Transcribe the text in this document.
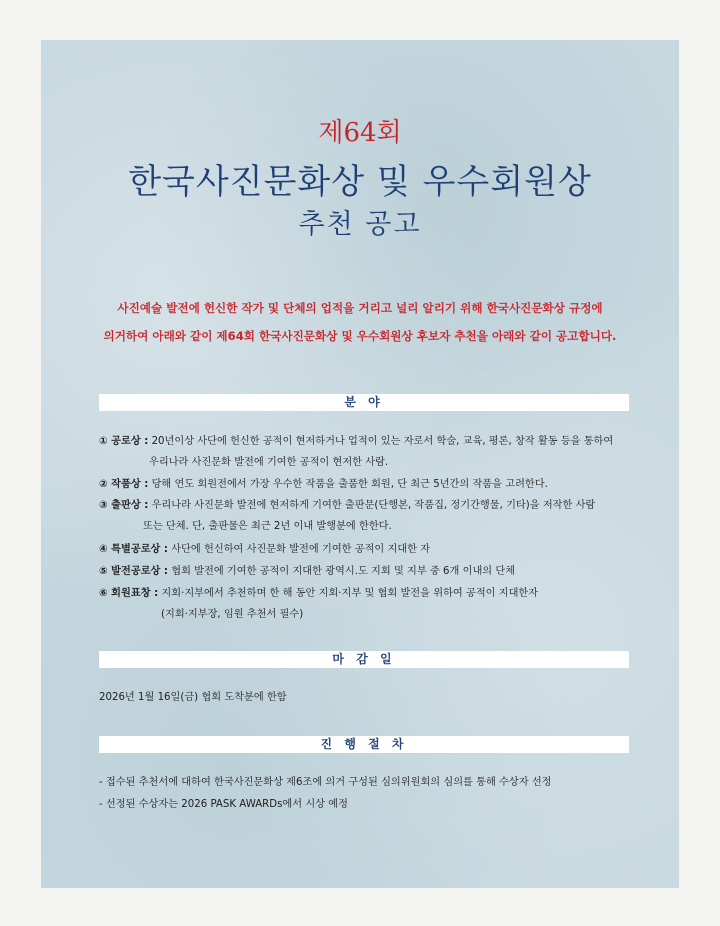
제64회
한국사진문화상 및 우수회원상
추천 공고
사진예술 발전에 헌신한 작가 및 단체의 업적을 거리고 널리 알리기 위해 한국사진문화상 규정에
의거하여 아래와 같이 제64회 한국사진문화상 및 우수회원상 후보자 추천을 아래와 같이 공고합니다.
분 야
① 공로상 : 20년이상 사단에 헌신한 공적이 현저하거나 업적이 있는 자로서 학술, 교육, 평론, 창작 활동 등을 통하여
우리나라 사진문화 발전에 기여한 공적이 현저한 사람.
② 작품상 : 당해 연도 회원전에서 가장 우수한 작품을 출품한 회원, 단 최근 5년간의 작품을 고려한다.
③ 출판상 : 우리나라 사진문화 발전에 현저하게 기여한 출판문(단행본, 작품집, 정기간행물, 기타)을 저작한 사람
또는 단체. 단, 출판물은 최근 2년 이내 발행분에 한한다.
④ 특별공로상 : 사단에 헌신하여 사진문화 발전에 기여한 공적이 지대한 자
⑤ 발전공로상 : 협회 발전에 기여한 공적이 지대한 광역시.도 지회 및 지부 중 6개 이내의 단체
⑥ 회원표창 : 지회·지부에서 추천하며 한 해 동안 지회·지부 및 협회 발전을 위하여 공적이 지대한자
(지회·지부장, 임원 추천서 필수)
마 감 일
2026년 1월 16일(금) 협회 도착분에 한함
진 행 절 차
- 접수된 추천서에 대하여 한국사진문화상 제6조에 의거 구성된 심의위원회의 심의를 통해 수상자 선정
- 선정된 수상자는 2026 PASK AWARDs에서 시상 예정
